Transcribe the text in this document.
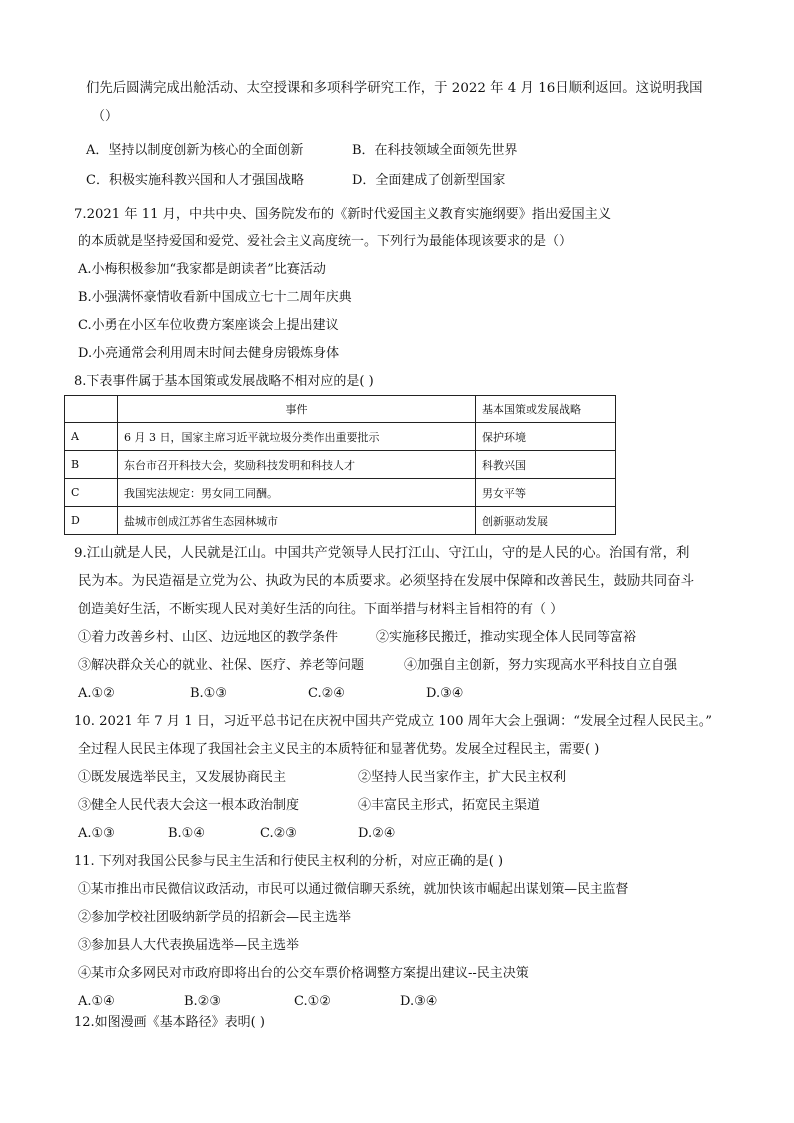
们先后圆满完成出舱活动、太空授课和多项科学研究工作，于 2022 年 4 月 16日顺利返回。这说明我国
（）
A．坚持以制度创新为核心的全面创新	B．在科技领域全面领先世界
C．积极实施科教兴国和人才强国战略	D．全面建成了创新型国家
7.2021 年 11 月，中共中央、国务院发布的《新时代爱国主义教育实施纲要》指出爱国主义
的本质就是坚持爱国和爱党、爱社会主义高度统一。下列行为最能体现该要求的是（）
A.小梅积极参加“我家都是朗读者”比赛活动
B.小强满怀豪情收看新中国成立七十二周年庆典
C.小勇在小区车位收费方案座谈会上提出建议
D.小亮通常会利用周末时间去健身房锻炼身体
8.下表事件属于基本国策或发展战略不相对应的是( )
	事件	基本国策或发展战略
A	6 月 3 日，国家主席习近平就垃圾分类作出重要批示	保护环境
B	东台市召开科技大会，奖励科技发明和科技人才	科教兴国
C	我国宪法规定：男女同工同酬。	男女平等
D	盐城市创成江苏省生态园林城市	创新驱动发展
9.江山就是人民，人民就是江山。中国共产党领导人民打江山、守江山，守的是人民的心。治国有常，利
民为本。为民造福是立党为公、执政为民的本质要求。必须坚持在发展中保障和改善民生，鼓励共同奋斗
创造美好生活，不断实现人民对美好生活的向往。下面举措与材料主旨相符的有（ ）
①着力改善乡村、山区、边远地区的教学条件	②实施移民搬迁，推动实现全体人民同等富裕
③解决群众关心的就业、社保、医疗、养老等问题	④加强自主创新，努力实现高水平科技自立自强
A.①②	B.①③	C.②④	D.③④
10. 2021 年 7 月 1 日，习近平总书记在庆祝中国共产党成立 100 周年大会上强调：“发展全过程人民民主。”
全过程人民民主体现了我国社会主义民主的本质特征和显著优势。发展全过程民主，需要( )
①既发展选举民主，又发展协商民主	②坚持人民当家作主，扩大民主权利
③健全人民代表大会这一根本政治制度	④丰富民主形式，拓宽民主渠道
A.①③	B.①④	C.②③	D.②④
11. 下列对我国公民参与民主生活和行使民主权利的分析，对应正确的是( )
①某市推出市民微信议政活动，市民可以通过微信聊天系统，就加快该市崛起出谋划策—民主监督
②参加学校社团吸纳新学员的招新会—民主选举
③参加县人大代表换届选举—民主选举
④某市众多网民对市政府即将出台的公交车票价格调整方案提出建议--民主决策
A.①④	B.②③	C.①②	D.③④
12.如图漫画《基本路径》表明( )
